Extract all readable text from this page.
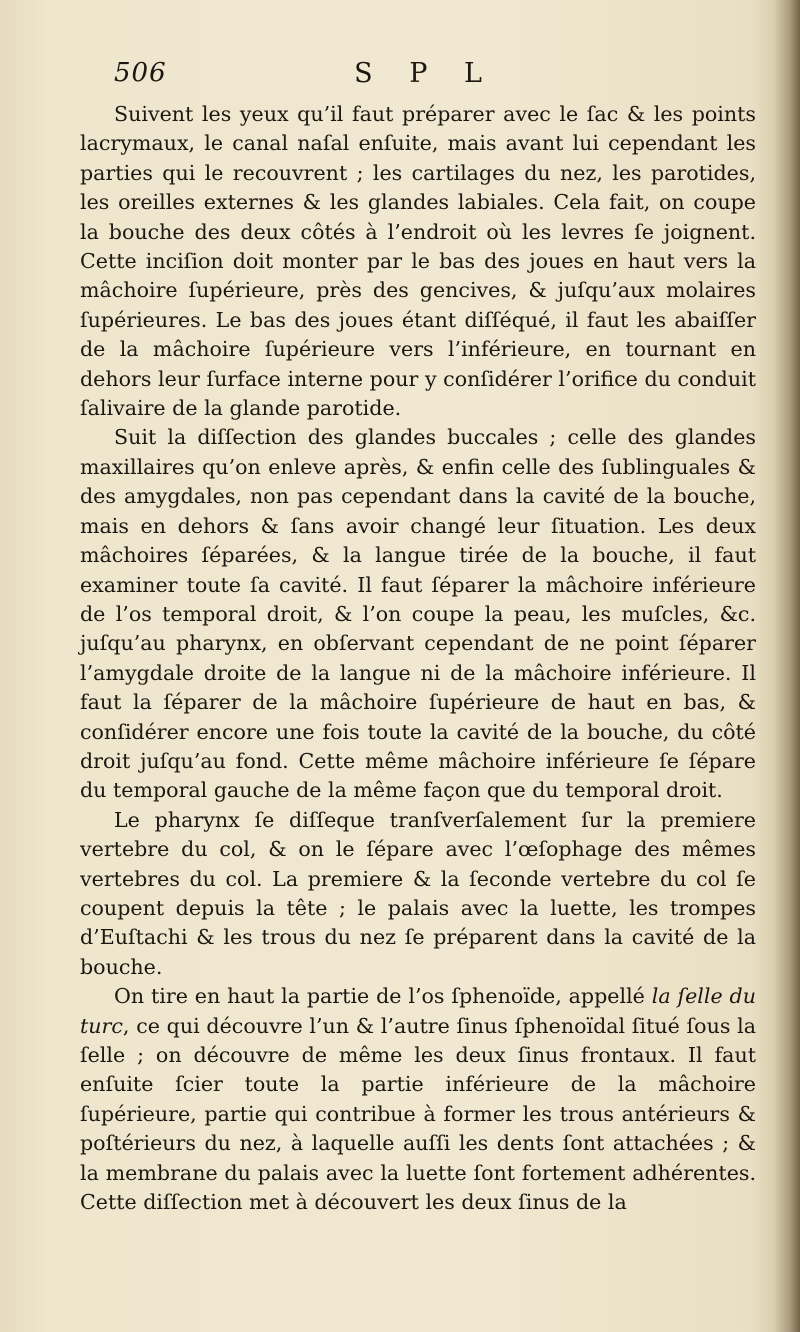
506	S P L

Suivent les yeux qu’il faut préparer avec le ſac & les points lacrymaux, le canal naſal enſuite, mais avant lui cependant les parties qui le recouvrent ; les cartilages du nez, les parotides, les oreilles externes & les glandes labiales. Cela fait, on coupe la bouche des deux côtés à l’endroit où les levres ſe joignent. Cette inciſion doit monter par le bas des joues en haut vers la mâchoire ſupérieure, près des gencives, & juſqu’aux molaires ſupérieures. Le bas des joues étant diſſéqué, il faut les abaiſſer de la mâchoire ſupérieure vers l’inférieure, en tournant en dehors leur ſurface interne pour y conſidérer l’orifice du conduit ſalivaire de la glande parotide.

Suit la diſſection des glandes buccales ; celle des glandes maxillaires qu’on enleve après, & enfin celle des ſublinguales & des amygdales, non pas cependant dans la cavité de la bouche, mais en dehors & ſans avoir changé leur ſituation. Les deux mâchoires ſéparées, & la langue tirée de la bouche, il faut examiner toute ſa cavité. Il faut ſéparer la mâchoire inférieure de l’os temporal droit, & l’on coupe la peau, les muſcles, &c. juſqu’au pharynx, en obſervant cependant de ne point ſéparer l’amygdale droite de la langue ni de la mâchoire inférieure. Il faut la ſéparer de la mâchoire ſupérieure de haut en bas, & conſidérer encore une fois toute la cavité de la bouche, du côté droit juſqu’au fond. Cette même mâchoire inférieure ſe ſépare du temporal gauche de la même façon que du temporal droit.

Le pharynx ſe diſſeque tranſverſalement ſur la premiere vertebre du col, & on le ſépare avec l’œſophage des mêmes vertebres du col. La premiere & la ſeconde vertebre du col ſe coupent depuis la tête ; le palais avec la luette, les trompes d’Euſtachi & les trous du nez ſe préparent dans la cavité de la bouche.

On tire en haut la partie de l’os ſphenoïde, appellé la ſelle du turc, ce qui découvre l’un & l’autre ſinus ſphenoïdal ſitué ſous la ſelle ; on découvre de même les deux ſinus frontaux. Il faut enſuite ſcier toute la partie inférieure de la mâchoire ſupérieure, partie qui contribue à former les trous antérieurs & poſtérieurs du nez, à laquelle auſſi les dents ſont attachées ; & la membrane du palais avec la luette ſont fortement adhérentes. Cette diſſection met à découvert les deux ſinus de la
